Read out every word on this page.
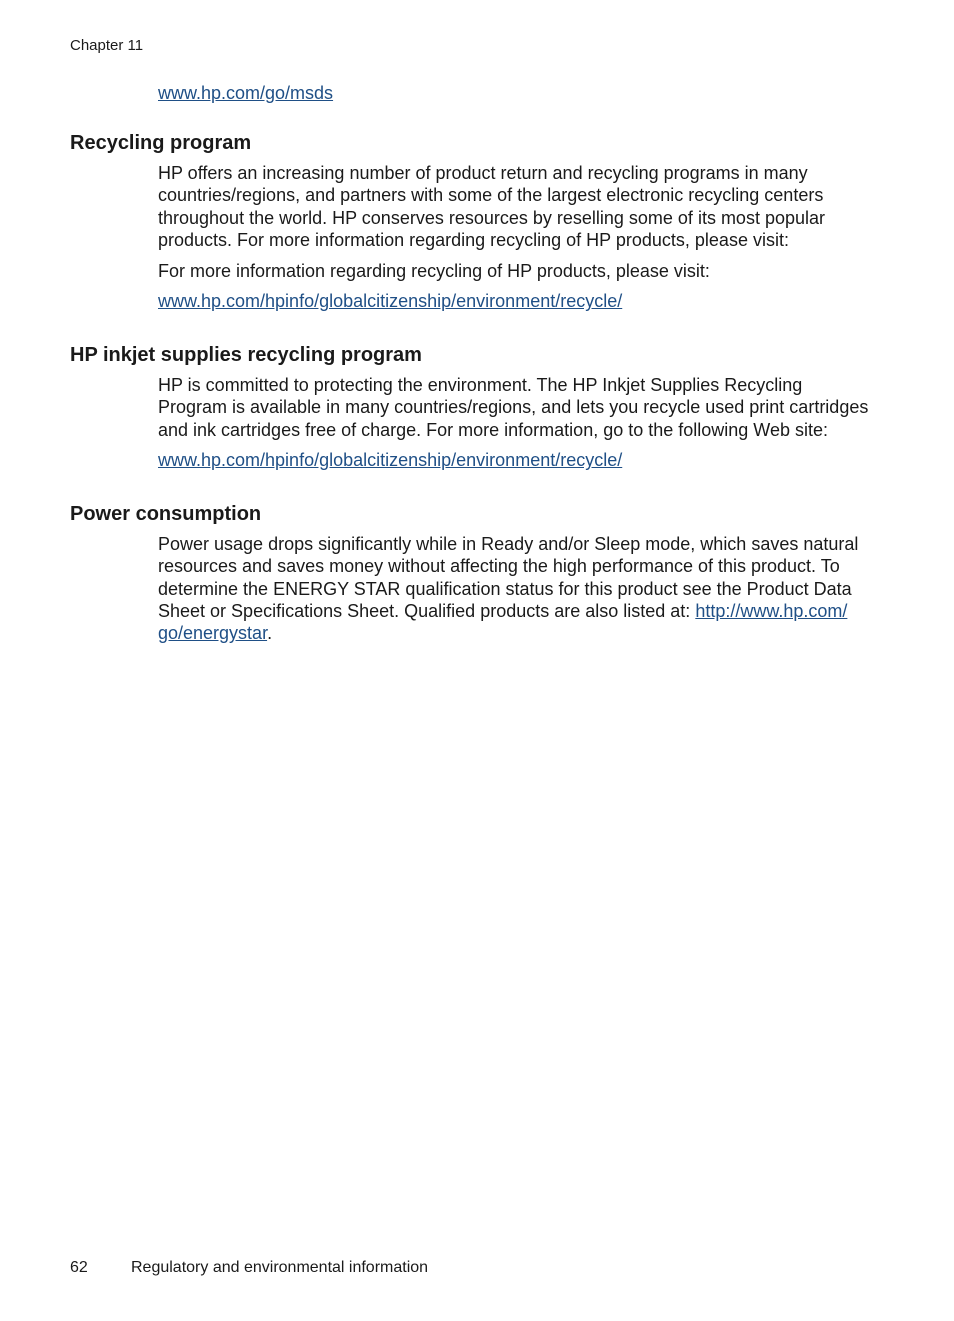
Chapter 11
www.hp.com/go/msds
Recycling program

HP offers an increasing number of product return and recycling programs in many countries/regions, and partners with some of the largest electronic recycling centers throughout the world. HP conserves resources by reselling some of its most popular products. For more information regarding recycling of HP products, please visit:

For more information regarding recycling of HP products, please visit:

www.hp.com/hpinfo/globalcitizenship/environment/recycle/

HP inkjet supplies recycling program

HP is committed to protecting the environment. The HP Inkjet Supplies Recycling Program is available in many countries/regions, and lets you recycle used print cartridges and ink cartridges free of charge. For more information, go to the following Web site:

www.hp.com/hpinfo/globalcitizenship/environment/recycle/

Power consumption

Power usage drops significantly while in Ready and/or Sleep mode, which saves natural resources and saves money without affecting the high performance of this product. To determine the ENERGY STAR qualification status for this product see the Product Data Sheet or Specifications Sheet. Qualified products are also listed at: http://www.hp.com/
go/energystar.

62	Regulatory and environmental information
